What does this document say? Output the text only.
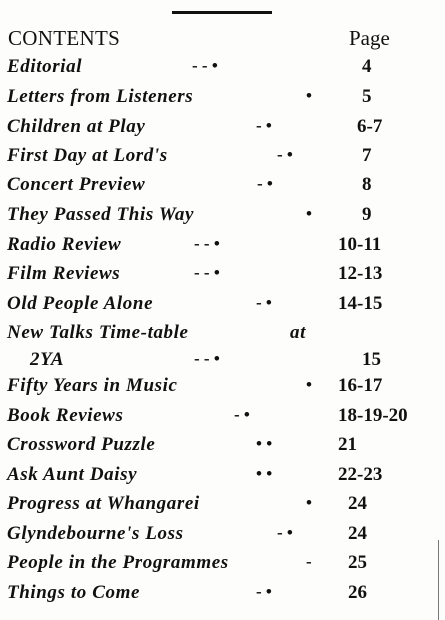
CONTENTS	Page
Editorial	- - •	4
Letters from Listeners	•	5
Children at Play	- •	6-7
First Day at Lord's	- •	7
Concert Preview	- •	8
They Passed This Way	•	9
Radio Review	- - •	10-11
Film Reviews	- - •	12-13
Old People Alone	- •	14-15
New Talks Time-table	at
2YA	- - •	15
Fifty Years in Music	• 16-17
Book Reviews	- •	18-19-20
Crossword Puzzle	• •	21
Ask Aunt Daisy	• •	22-23
Progress at Whangarei	• 24
Glyndebourne's Loss	- •	24
People in the Programmes	- 25
Things to Come	- •	26
